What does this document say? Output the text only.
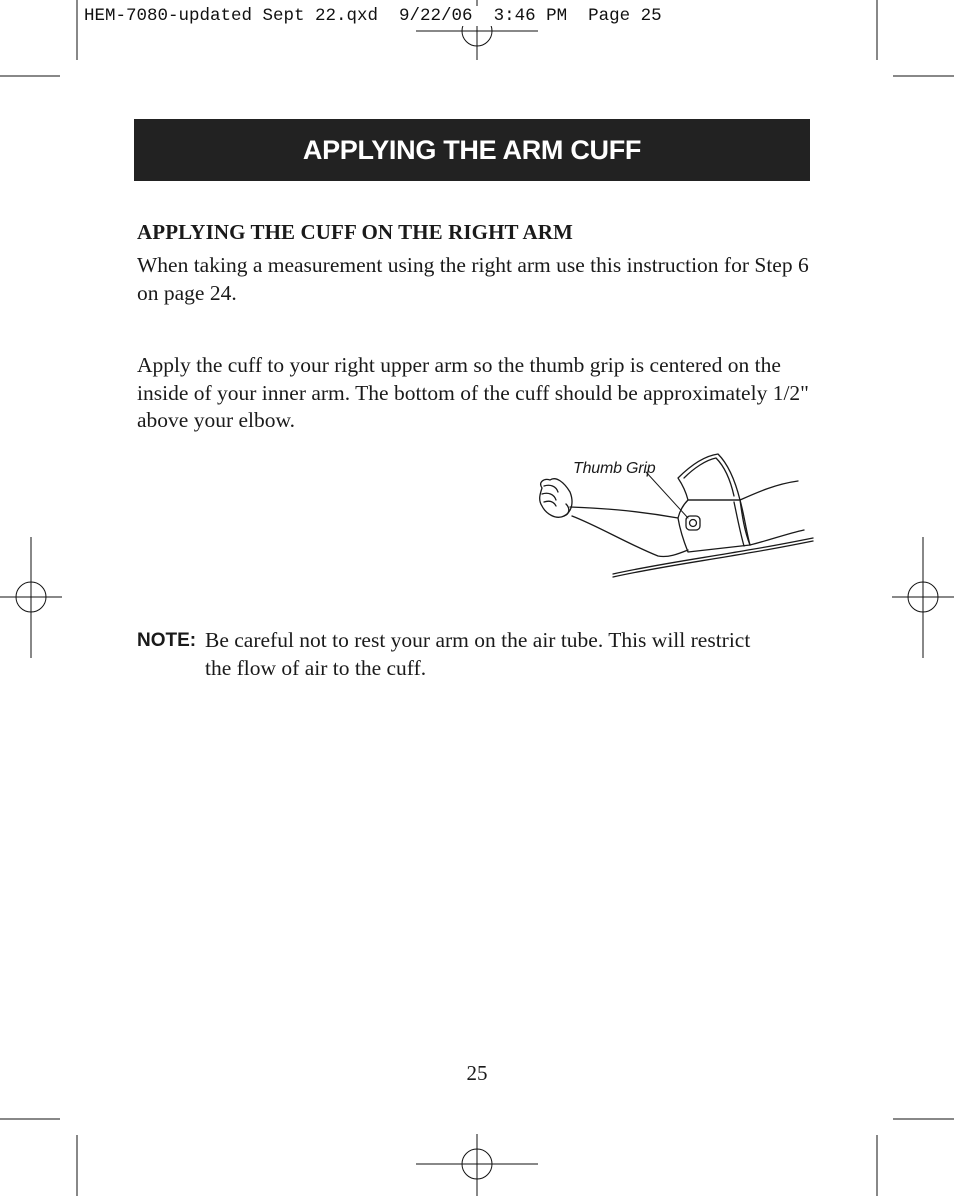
HEM-7080-updated Sept 22.qxd  9/22/06  3:46 PM  Page 25
APPLYING THE ARM CUFF
APPLYING THE CUFF ON THE RIGHT ARM
When taking a measurement using the right arm use this instruction for Step 6 on page 24.
Apply the cuff to your right upper arm so the thumb grip is centered on the inside of your inner arm. The bottom of the cuff should be approximately 1/2" above your elbow.
Thumb Grip
NOTE: Be careful not to rest your arm on the air tube. This will restrict the flow of air to the cuff.
25
